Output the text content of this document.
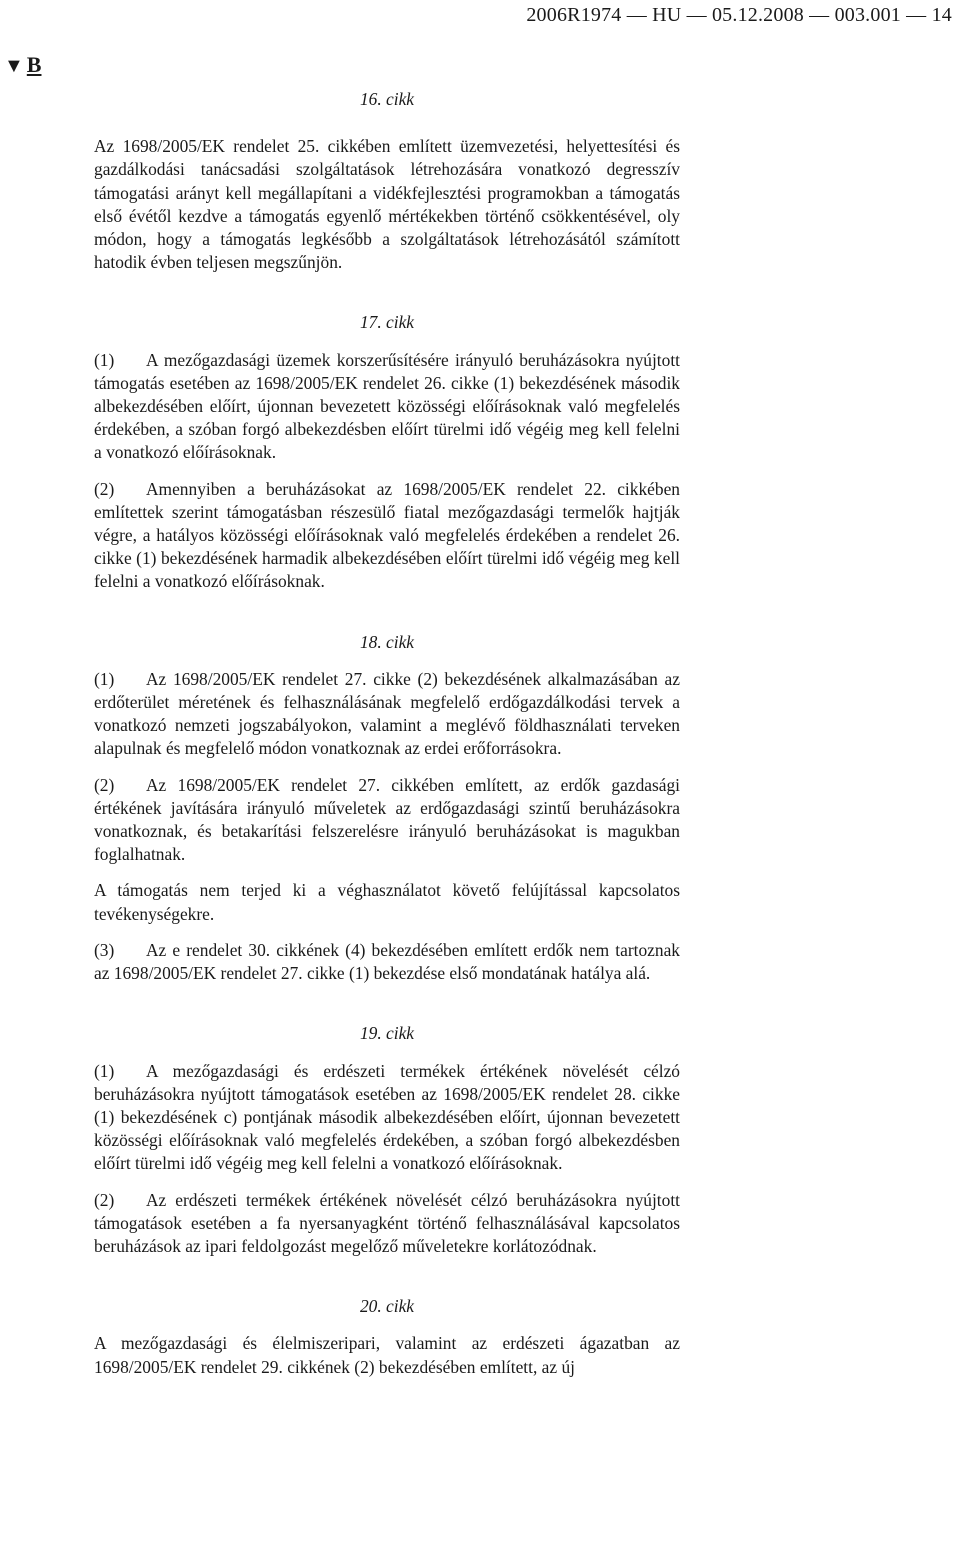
2006R1974 — HU — 05.12.2008 — 003.001 — 14
▼ B

16. cikk

Az 1698/2005/EK rendelet 25. cikkében említett üzemvezetési, helyettesítési és gazdálkodási tanácsadási szolgáltatások létrehozására vonatkozó degresszív támogatási arányt kell megállapítani a vidékfejlesztési programokban a támogatás első évétől kezdve a támogatás egyenlő mértékekben történő csökkentésével, oly módon, hogy a támogatás legkésőbb a szolgáltatások létrehozásától számított hatodik évben teljesen megszűnjön.

17. cikk

(1) A mezőgazdasági üzemek korszerűsítésére irányuló beruházásokra nyújtott támogatás esetében az 1698/2005/EK rendelet 26. cikke (1) bekezdésének második albekezdésében előírt, újonnan bevezetett közösségi előírásoknak való megfelelés érdekében, a szóban forgó albekezdésben előírt türelmi idő végéig meg kell felelni a vonatkozó előírásoknak.

(2) Amennyiben a beruházásokat az 1698/2005/EK rendelet 22. cikkében említettek szerint támogatásban részesülő fiatal mezőgazdasági termelők hajtják végre, a hatályos közösségi előírásoknak való megfelelés érdekében a rendelet 26. cikke (1) bekezdésének harmadik albekezdésében előírt türelmi idő végéig meg kell felelni a vonatkozó előírásoknak.

18. cikk

(1) Az 1698/2005/EK rendelet 27. cikke (2) bekezdésének alkalmazásában az erdőterület méretének és felhasználásának megfelelő erdőgazdálkodási tervek a vonatkozó nemzeti jogszabályokon, valamint a meglévő földhasználati terveken alapulnak és megfelelő módon vonatkoznak az erdei erőforrásokra.

(2) Az 1698/2005/EK rendelet 27. cikkében említett, az erdők gazdasági értékének javítására irányuló műveletek az erdőgazdasági szintű beruházásokra vonatkoznak, és betakarítási felszerelésre irányuló beruházásokat is magukban foglalhatnak.

A támogatás nem terjed ki a véghasználatot követő felújítással kapcsolatos tevékenységekre.

(3) Az e rendelet 30. cikkének (4) bekezdésében említett erdők nem tartoznak az 1698/2005/EK rendelet 27. cikke (1) bekezdése első mondatának hatálya alá.

19. cikk

(1) A mezőgazdasági és erdészeti termékek értékének növelését célzó beruházásokra nyújtott támogatások esetében az 1698/2005/EK rendelet 28. cikke (1) bekezdésének c) pontjának második albekezdésében előírt, újonnan bevezetett közösségi előírásoknak való megfelelés érdekében, a szóban forgó albekezdésben előírt türelmi idő végéig meg kell felelni a vonatkozó előírásoknak.

(2) Az erdészeti termékek értékének növelését célzó beruházásokra nyújtott támogatások esetében a fa nyersanyagként történő felhasználásával kapcsolatos beruházások az ipari feldolgozást megelőző műveletekre korlátozódnak.

20. cikk

A mezőgazdasági és élelmiszeripari, valamint az erdészeti ágazatban az 1698/2005/EK rendelet 29. cikkének (2) bekezdésében említett, az új
